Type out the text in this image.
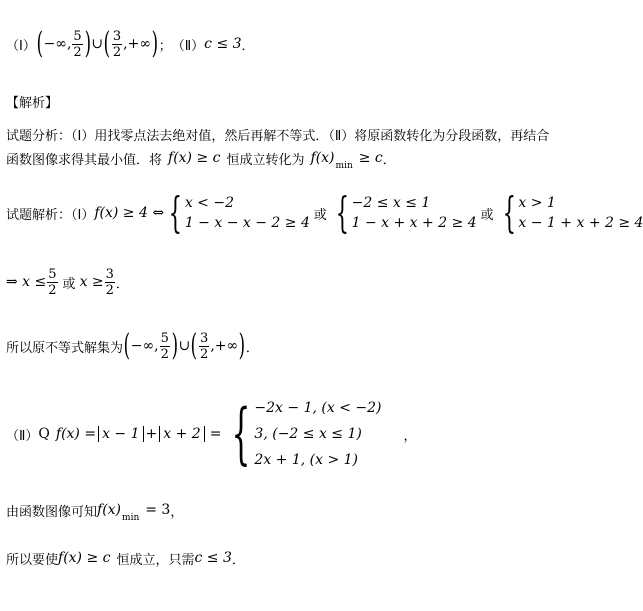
（Ⅰ） ( −∞ , $\frac{5}{2}$ ) ∪ ( $\frac{3}{2}$ , +∞ ) ； （Ⅱ） c ≤ 3 ．
【解析】
试题分析：（Ⅰ）用找零点法去绝对值，然后再解不等式．（Ⅱ）将原函数转化为分段函数，再结合
函数图像求得其最小值．将 f(x) ≥ c 恒成立转化为 f(x) min ≥ c ．
试题解析：（Ⅰ） f(x) ≥ 4 ⇔ { x < −2
1 − x − x − 2 ≥ 4 或 { −2 ≤ x ≤ 1
1 − x + x + 2 ≥ 4 或 { x > 1
x − 1 + x + 2 ≥ 4
⇒ $x \le \frac{5}{2}$ 或 $x \ge \frac{3}{2}$ ．
所以原不等式解集为 ( −∞ , $\frac{5}{2}$ ) ∪ ( $\frac{3}{2}$ , +∞ ) ．
（Ⅱ） Q f(x) = x − 1 + x + 2 = { −2x − 1, (x < −2)
3, (−2 ≤ x ≤ 1)
2x + 1, (x > 1)
，
由函数图像可知 f(x) min = 3 ，
所以要使 f(x) ≥ c 恒成立，只需 c ≤ 3 ．
